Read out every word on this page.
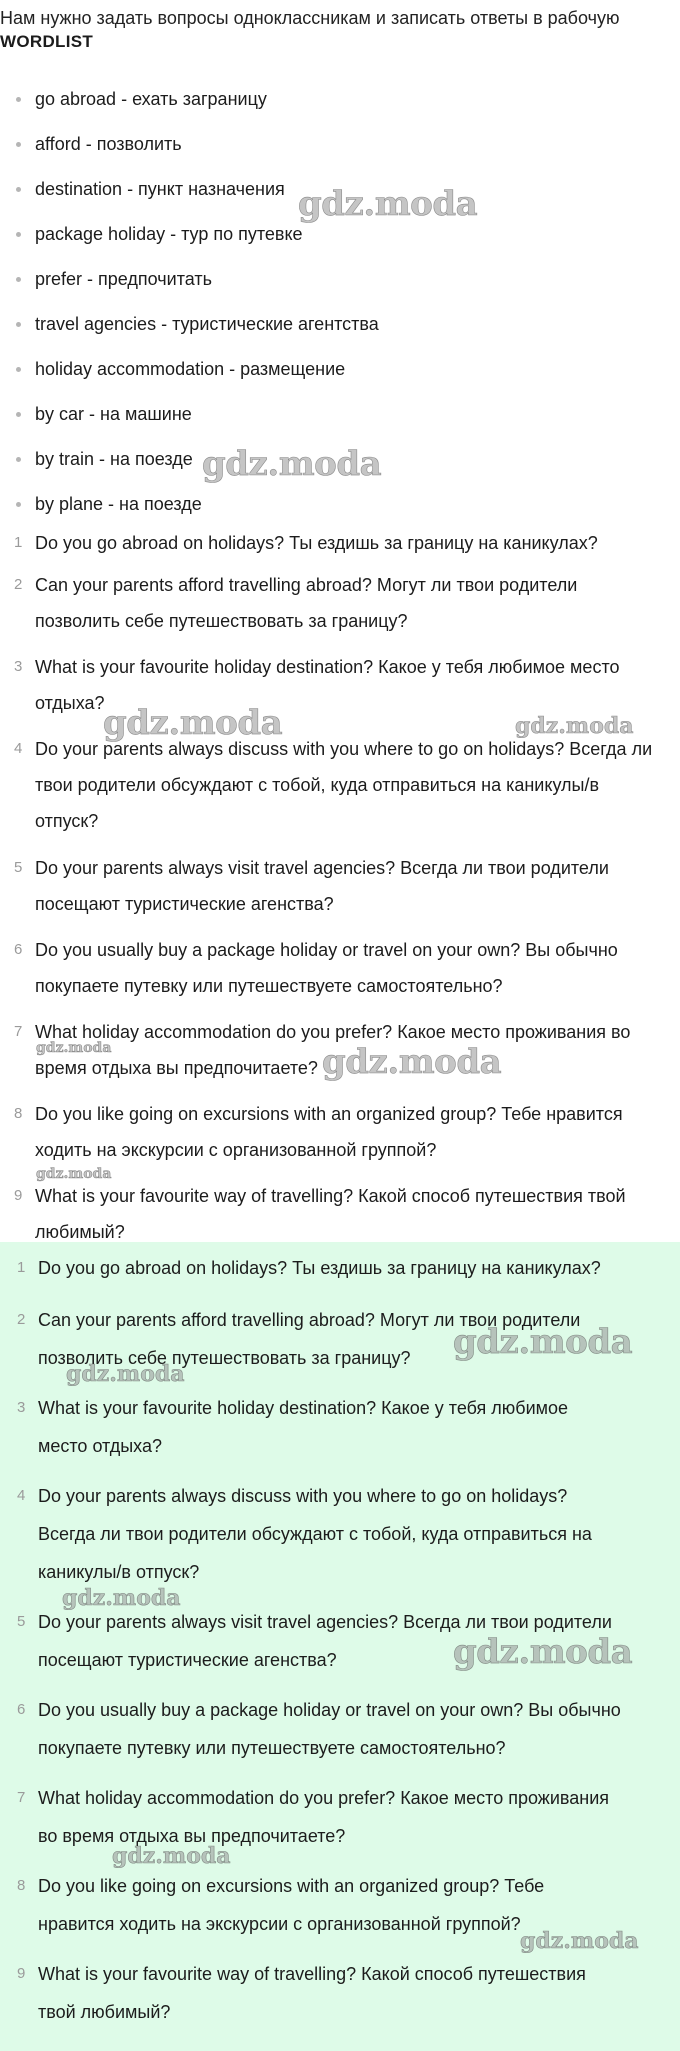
Нам нужно задать вопросы одноклассникам и записать ответы в рабочую
WORDLIST
go abroad - ехать заграницу
afford - позволить
destination - пункт назначения
package holiday - тур по путевке
prefer - предпочитать
travel agencies - туристические агентства
holiday accommodation - размещение
by car - на машине
by train - на поезде
by plane - на поезде
1 Do you go abroad on holidays? Ты ездишь за границу на каникулах?
2 Can your parents afford travelling abroad? Могут ли твои родители
позволить себе путешествовать за границу?
3 What is your favourite holiday destination? Какое у тебя любимое место
отдыха?
4 Do your parents always discuss with you where to go on holidays? Всегда ли
твои родители обсуждают с тобой, куда отправиться на каникулы/в
отпуск?
5 Do your parents always visit travel agencies? Всегда ли твои родители
посещают туристические агенства?
6 Do you usually buy a package holiday or travel on your own? Вы обычно
покупаете путевку или путешествуете самостоятельно?
7 What holiday accommodation do you prefer? Какое место проживания во
время отдыха вы предпочитаете?
8 Do you like going on excursions with an organized group? Тебе нравится
ходить на экскурсии с организованной группой?
9 What is your favourite way of travelling? Какой способ путешествия твой
любимый?
1 Do you go abroad on holidays? Ты ездишь за границу на каникулах?
2 Can your parents afford travelling abroad? Могут ли твои родители
позволить себе путешествовать за границу?
3 What is your favourite holiday destination? Какое у тебя любимое
место отдыха?
4 Do your parents always discuss with you where to go on holidays?
Всегда ли твои родители обсуждают с тобой, куда отправиться на
каникулы/в отпуск?
5 Do your parents always visit travel agencies? Всегда ли твои родители
посещают туристические агенства?
6 Do you usually buy a package holiday or travel on your own? Вы обычно
покупаете путевку или путешествуете самостоятельно?
7 What holiday accommodation do you prefer? Какое место проживания
во время отдыха вы предпочитаете?
8 Do you like going on excursions with an organized group? Тебе
нравится ходить на экскурсии с организованной группой?
9 What is your favourite way of travelling? Какой способ путешествия
твой любимый?
gdz.moda
gdz.moda
gdz.moda	gdz.moda
gdz.moda	gdz.moda
gdz.moda
gdz.moda
gdz.moda
gdz.moda
gdz.moda
gdz.moda
gdz.moda
